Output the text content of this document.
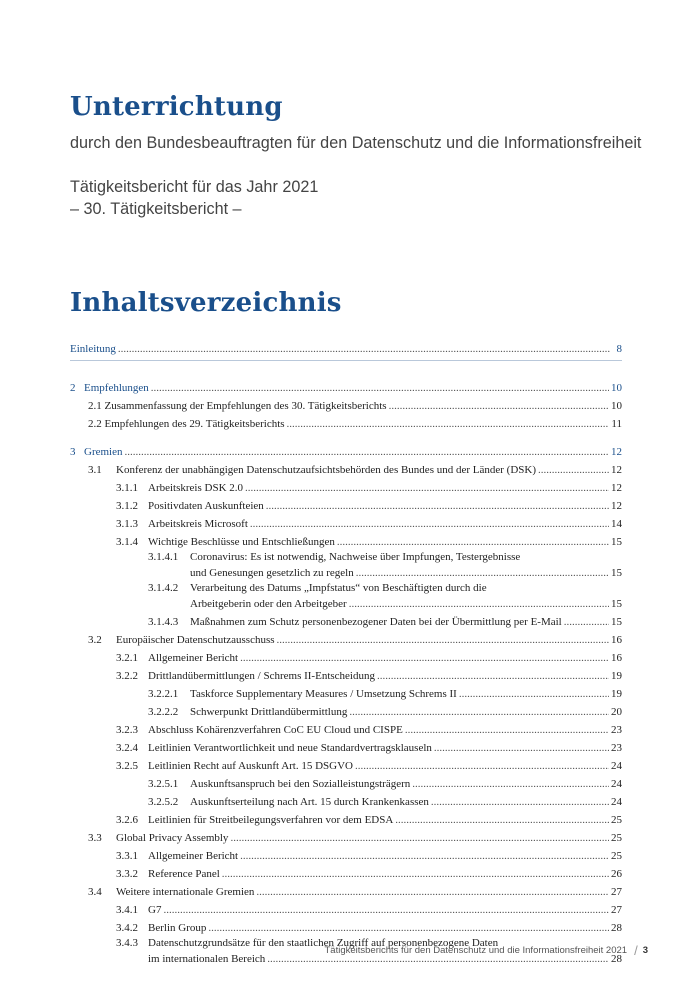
Unterrichtung

durch den Bundesbeauftragten für den Datenschutz und die Informationsfreiheit

Tätigkeitsbericht für das Jahr 2021

– 30. Tätigkeitsbericht –

Inhaltsverzeichnis
Einleitung .....	8
2 Empfehlungen .....	10
2.1 Zusammenfassung der Empfehlungen des 30. Tätigkeitsberichts .....	10
2.2 Empfehlungen des 29. Tätigkeitsberichts .....	11
3 Gremien .....	12
3.1	Konferenz der unabhängigen Datenschutzaufsichtsbehörden des Bundes und der Länder (DSK) .....	12
3.1.1 Arbeitskreis DSK 2.0 .....	12
3.1.2 Positivdaten Auskunfteien .....	12
3.1.3 Arbeitskreis Microsoft .....	14
3.1.4 Wichtige Beschlüsse und Entschließungen .....	15
3.1.4.1	Coronavirus: Es ist notwendig, Nachweise über Impfungen, Testergebnisse
und Genesungen gesetzlich zu regeln .....	15
3.1.4.2	Verarbeitung des Datums „Impfstatus“ von Beschäftigten durch die
Arbeitgeberin oder den Arbeitgeber .....	15
3.1.4.3	Maßnahmen zum Schutz personenbezogener Daten bei der Übermittlung per E-Mail .....	15
3.2	Europäischer Datenschutzausschuss .....	16
3.2.1 Allgemeiner Bericht .....	16
3.2.2 Drittlandübermittlungen / Schrems II-Entscheidung .....	19
3.2.2.1	Taskforce Supplementary Measures / Umsetzung Schrems II .....	19
3.2.2.2	Schwerpunkt Drittlandübermittlung .....	20
3.2.3 Abschluss Kohärenzverfahren CoC EU Cloud und CISPE .....	23
3.2.4 Leitlinien Verantwortlichkeit und neue Standardvertragsklauseln .....	23
3.2.5 Leitlinien Recht auf Auskunft Art. 15 DSGVO .....	24
3.2.5.1	Auskunftsanspruch bei den Sozialleistungsträgern .....	24
3.2.5.2	Auskunftserteilung nach Art. 15 durch Krankenkassen .....	24
3.2.6 Leitlinien für Streitbeilegungsverfahren vor dem EDSA .....	25
3.3	Global Privacy Assembly .....	25
3.3.1 Allgemeiner Bericht .....	25
3.3.2 Reference Panel .....	26
3.4	Weitere internationale Gremien .....	27
3.4.1 G7 .....	27
3.4.2 Berlin Group .....	28
3.4.3 Datenschutzgrundsätze für den staatlichen Zugriff auf personenbezogene Daten
im internationalen Bereich .....	28
Tätigkeitsberichts für den Datenschutz und die Informationsfreiheit 2021 / 3
